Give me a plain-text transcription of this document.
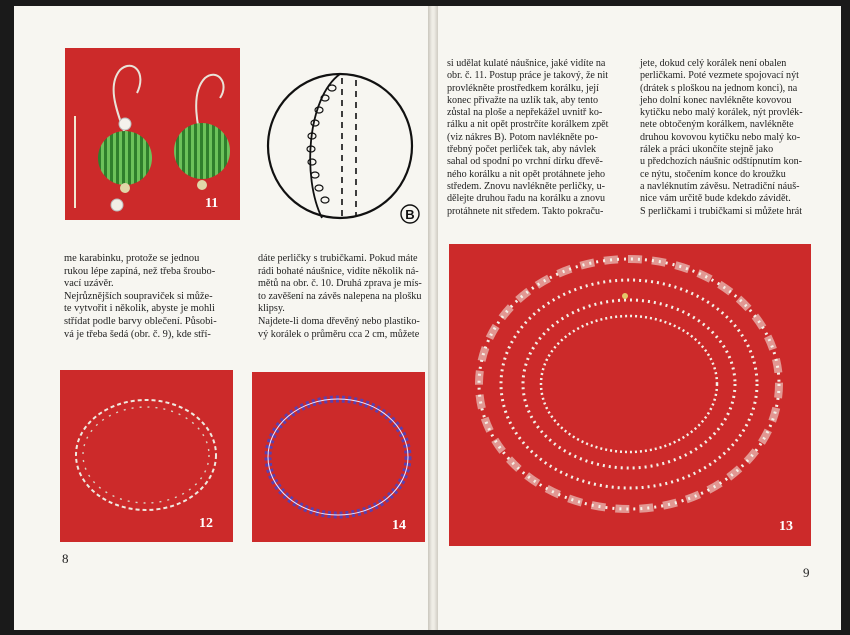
11
B
me karabinku, protože se jednou
rukou lépe zapíná, než třeba šroubo-
vací uzávěr.
Nejrůznějších soupraviček si může-
te vytvořit i několik, abyste je mohli
střídat podle barvy oblečení. Působi-
vá je třeba šedá (obr. č. 9), kde stří-
dáte perličky s trubičkami. Pokud máte
rádi bohaté náušnice, vidíte několik ná-
mětů na obr. č. 10. Druhá zprava je mís-
to zavěšení na závěs nalepena na plošku
klipsy.
Najdete-li doma dřevěný nebo plastiko-
vý korálek o průměru cca 2 cm, můžete
12	14
8
si udělat kulaté náušnice, jaké vidíte na
obr. č. 11. Postup práce je takový, že nit
provlékněte prostředkem korálku, její
konec přivažte na uzlík tak, aby tento
zůstal na ploše a nepřekážel uvnitř ko-
rálku a nit opět prostrčíte korálkem zpět
(viz nákres B). Potom navlékněte po-
třebný počet perliček tak, aby návlek
sahal od spodní po vrchní dírku dřevě-
ného korálku a nit opět protáhnete jeho
středem. Znovu navlékněte perličky, u-
dělejte druhou řadu na korálku a znovu
protáhnete nit středem. Takto pokraču-
jete, dokud celý korálek není obalen
perličkami. Poté vezmete spojovací nýt
(drátek s ploškou na jednom konci), na
jeho dolní konec navlékněte kovovou
kytičku nebo malý korálek, nýt provlék-
nete obtočeným korálkem, navlékněte
druhou kovovou kytičku nebo malý ko-
rálek a práci ukončíte stejně jako
u předchozích náušnic odštípnutím kon-
ce nýtu, stočením konce do kroužku
a navléknutím závěsu. Netradiční náuš-
nice vám určitě bude kdekdo závidět.
S perličkami i trubičkami si můžete hrát
13
9
